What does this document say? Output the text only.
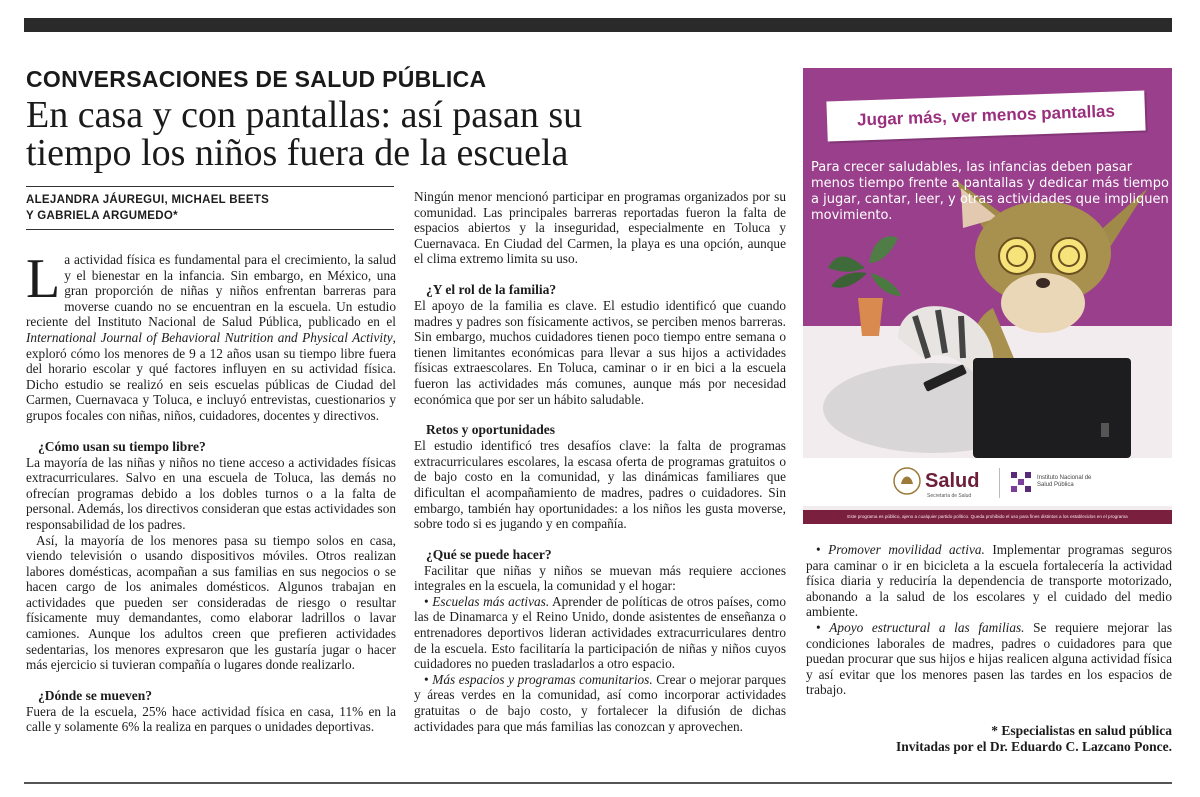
CONVERSACIONES DE SALUD PÚBLICA
En casa y con pantallas: así pasan su
tiempo los niños fuera de la escuela
ALEJANDRA JÁUREGUI, MICHAEL BEETS
Y GABRIELA ARGUMEDO*

La actividad física es fundamental para el crecimiento, la salud y el bienestar en la infancia. Sin embargo, en México, una gran proporción de niñas y niños enfrentan barreras para moverse cuando no se encuentran en la escuela. Un estudio reciente del Instituto Nacional de Salud Pública, publicado en el International Journal of Behavioral Nutrition and Physical Activity, exploró cómo los menores de 9 a 12 años usan su tiempo libre fuera del horario escolar y qué factores influyen en su actividad física. Dicho estudio se realizó en seis escuelas públicas de Ciudad del Carmen, Cuernavaca y Toluca, e incluyó entrevistas, cuestionarios y grupos focales con niñas, niños, cuidadores, docentes y directivos.

¿Cómo usan su tiempo libre?

La mayoría de las niñas y niños no tiene acceso a actividades físicas extracurriculares. Salvo en una escuela de Toluca, las demás no ofrecían programas debido a los dobles turnos o a la falta de personal. Además, los directivos consideran que estas actividades son responsabilidad de los padres.

Así, la mayoría de los menores pasa su tiempo solos en casa, viendo televisión o usando dispositivos móviles. Otros realizan labores domésticas, acompañan a sus familias en sus negocios o se hacen cargo de los animales domésticos. Algunos trabajan en actividades que pueden ser consideradas de riesgo o resultar físicamente muy demandantes, como elaborar ladrillos o lavar camiones. Aunque los adultos creen que prefieren actividades sedentarias, los menores expresaron que les gustaría jugar o hacer más ejercicio si tuvieran compañía o lugares donde realizarlo.

¿Dónde se mueven?

Fuera de la escuela, 25% hace actividad física en casa, 11% en la calle y solamente 6% la realiza en parques o unidades deportivas.

Ningún menor mencionó participar en programas organizados por su comunidad. Las principales barreras reportadas fueron la falta de espacios abiertos y la inseguridad, especialmente en Toluca y Cuernavaca. En Ciudad del Carmen, la playa es una opción, aunque el clima extremo limita su uso.

¿Y el rol de la familia?

El apoyo de la familia es clave. El estudio identificó que cuando madres y padres son físicamente activos, se perciben menos barreras. Sin embargo, muchos cuidadores tienen poco tiempo entre semana o tienen limitantes económicas para llevar a sus hijos a actividades físicas extraescolares. En Toluca, caminar o ir en bici a la escuela fueron las actividades más comunes, aunque más por necesidad económica que por ser un hábito saludable.

Retos y oportunidades

El estudio identificó tres desafíos clave: la falta de programas extracurriculares escolares, la escasa oferta de programas gratuitos o de bajo costo en la comunidad, y las dinámicas familiares que dificultan el acompañamiento de madres, padres o cuidadores. Sin embargo, también hay oportunidades: a los niños les gusta moverse, sobre todo si es jugando y en compañía.

¿Qué se puede hacer?

Facilitar que niñas y niños se muevan más requiere acciones integrales en la escuela, la comunidad y el hogar:

• Escuelas más activas. Aprender de políticas de otros países, como las de Dinamarca y el Reino Unido, donde asistentes de enseñanza o entrenadores deportivos lideran actividades extracurriculares dentro de la escuela. Esto facilitaría la participación de niñas y niños cuyos cuidadores no pueden trasladarlos a otro espacio.

• Más espacios y programas comunitarios. Crear o mejorar parques y áreas verdes en la comunidad, así como incorporar actividades gratuitas o de bajo costo, y fortalecer la difusión de dichas actividades para que más familias las conozcan y aprovechen.

Jugar más, ver menos pantallas
Para crecer saludables, las infancias deben pasar menos tiempo frente a pantallas y dedicar más tiempo a jugar, cantar, leer, y otras actividades que impliquen movimiento.
Salud
Secretaría de Salud
Instituto Nacional de Salud Pública
Este programa es público, ajeno a cualquier partido político. Queda prohibido el uso para fines distintos a los establecidos en el programa

• Promover movilidad activa. Implementar programas seguros para caminar o ir en bicicleta a la escuela fortalecería la actividad física diaria y reduciría la dependencia de transporte motorizado, abonando a la salud de los escolares y el cuidado del medio ambiente.

• Apoyo estructural a las familias. Se requiere mejorar las condiciones laborales de madres, padres o cuidadores para que puedan procurar que sus hijos e hijas realicen alguna actividad física y así evitar que los menores pasen las tardes en los espacios de trabajo.

* Especialistas en salud pública
Invitadas por el Dr. Eduardo C. Lazcano Ponce.
